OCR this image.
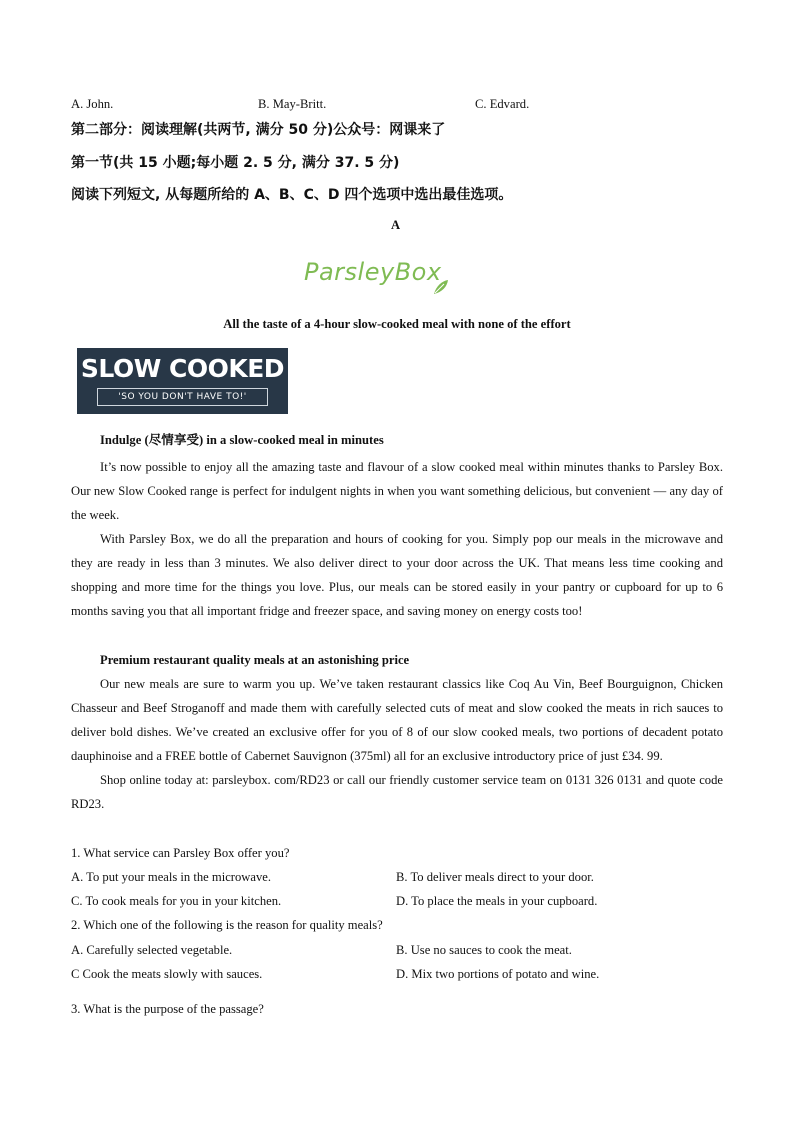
A. John.	B. May-Britt.	C. Edvard.
第二部分：阅读理解(共两节, 满分 50 分)公众号：网课来了
第一节(共 15 小题;每小题 2. 5 分, 满分 37. 5 分)
阅读下列短文, 从每题所给的 A、B、C、D 四个选项中选出最佳选项。
A
ParsleyBox
All the taste of a 4-hour slow-cooked meal with none of the effort
SLOW COOKED
'SO YOU DON'T HAVE TO!'
Indulge (尽情享受) in a slow-cooked meal in minutes

It’s now possible to enjoy all the amazing taste and flavour of a slow cooked meal within minutes thanks to Parsley Box. Our new Slow Cooked range is perfect for indulgent nights in when you want something delicious, but convenient — any day of the week.

With Parsley Box, we do all the preparation and hours of cooking for you. Simply pop our meals in the microwave and they are ready in less than 3 minutes. We also deliver direct to your door across the UK. That means less time cooking and shopping and more time for the things you love. Plus, our meals can be stored easily in your pantry or cupboard for up to 6 months saving you that all important fridge and freezer space, and saving money on energy costs too!

Premium restaurant quality meals at an astonishing price

Our new meals are sure to warm you up. We’ve taken restaurant classics like Coq Au Vin, Beef Bourguignon, Chicken Chasseur and Beef Stroganoff and made them with carefully selected cuts of meat and slow cooked the meats in rich sauces to deliver bold dishes. We’ve created an exclusive offer for you of 8 of our slow cooked meals, two portions of decadent potato dauphinoise and a FREE bottle of Cabernet Sauvignon (375ml) all for an exclusive introductory price of just £34. 99.

Shop online today at: parsleybox. com/RD23 or call our friendly customer service team on 0131 326 0131 and quote code RD23.

1. What service can Parsley Box offer you?
A. To put your meals in the microwave.	B. To deliver meals direct to your door.
C. To cook meals for you in your kitchen.	D. To place the meals in your cupboard.
2. Which one of the following is the reason for quality meals?
A. Carefully selected vegetable.	B. Use no sauces to cook the meat.
C Cook the meats slowly with sauces.	D. Mix two portions of potato and wine.
3. What is the purpose of the passage?
